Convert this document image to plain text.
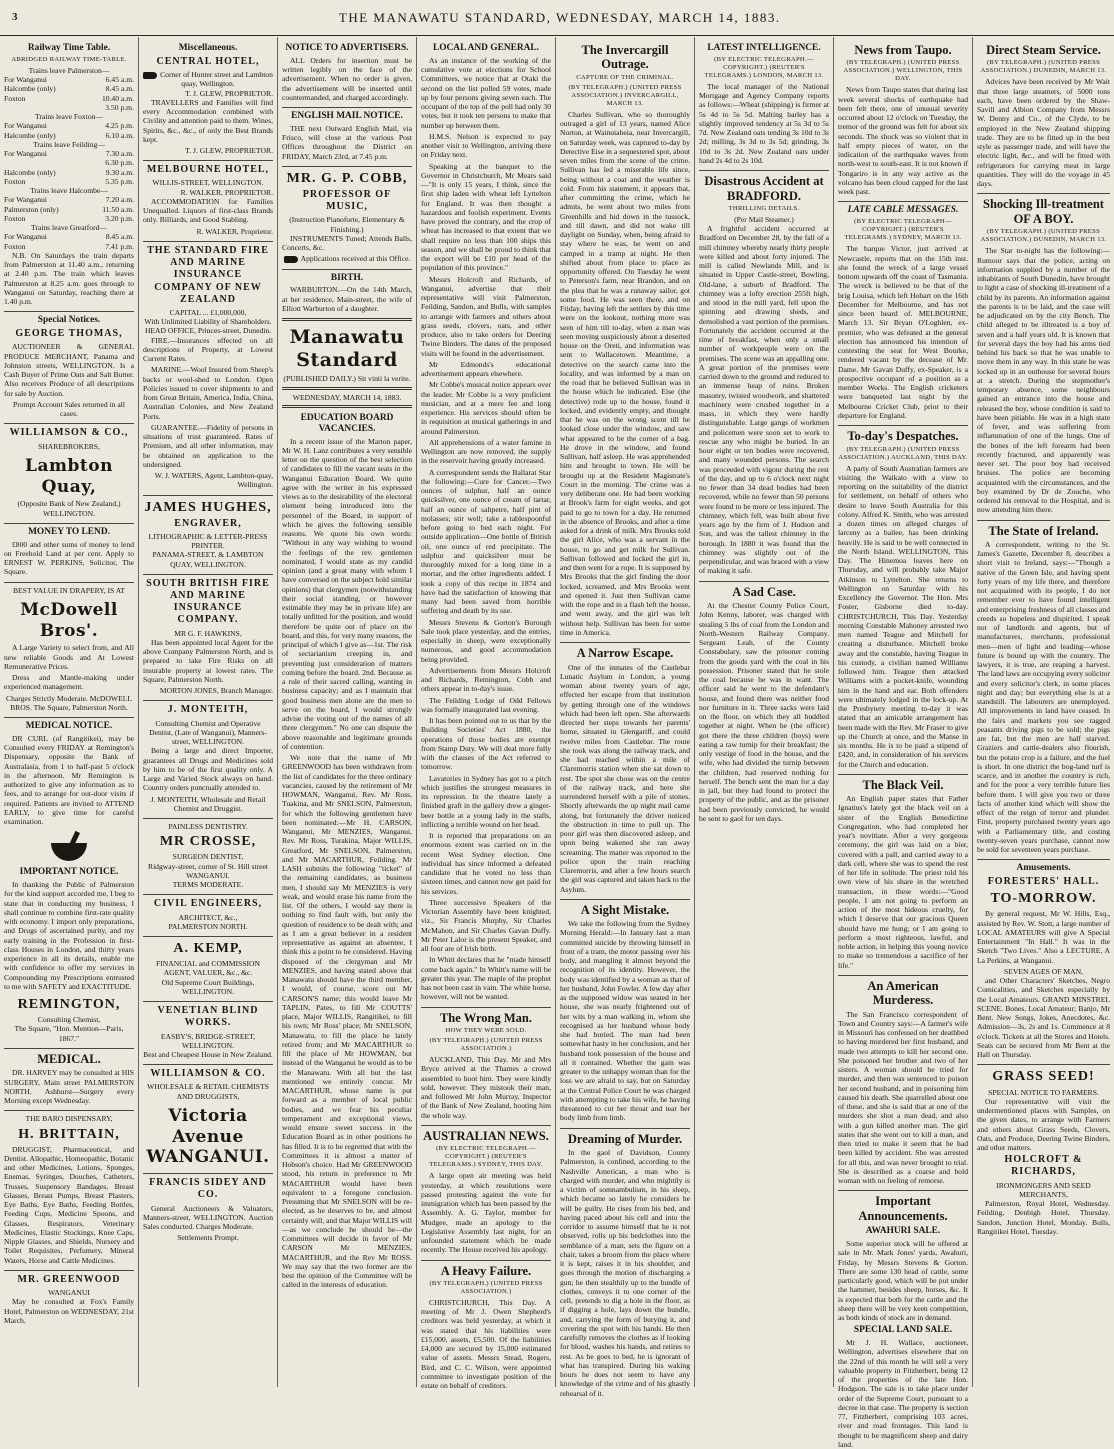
3	THE MANAWATU STANDARD, WEDNESDAY, MARCH 14, 1883.
Railway Time Table.
ABRIDGED RAILWAY TIME-TABLE.
Trains leave Palmerston—
For Wanganui	6.45 a.m.
Halcombe (only)	8.45 a.m.
Foxton	10.40 a.m.
3.50 p.m.
Trains leave Foxton—
For Wanganui	4.25 p.m.
Halcombe (only)	6.10 a.m.
Trains leave Feilding—
For Wanganui	7.30 a.m.
6.30 p.m.
Halcombe (only)	9.30 a.m.
Foxton	5.35 p.m.
Trains leave Halcombe—
For Wanganui	7.20 a.m.
Palmerston (only)	11.50 a.m.
Foxton	3.20 p.m.
Trains leave Greatford—
For Wanganui	8.45 a.m.
Foxton	7.41 p.m.

N.B. On Saturdays the train departs from Palmerston at 11.40 a.m., returning at 2.40 p.m. The train which leaves Palmerston at 8.25 a.m. goes through to Wanganui on Saturday, reaching there at 1.40 p.m.

Special Notices.
GEORGE THOMAS,

AUCTIONEER & GENERAL PRODUCE MERCHANT, Panama and Johnston streets, WELLINGTON. Is a Cash Buyer of Prime Oats and Salt Butter. Also receives Produce of all descriptions for sale by Auction.

Prompt Account Sales returned in all cases.
WILLIAMSON & CO.,
SHAREBROKERS,
Lambton Quay,
(Opposite Bank of New Zealand,) WELLINGTON.
MONEY TO LEND.

£800 and other sums of money to lend on Freehold Land at per cent. Apply to ERNEST W. PERKINS, Solicitor, The Square.

BEST VALUE IN DRAPERY, IS AT
McDowell Bros'.

A Large Variety to select from, and All new reliable Goods and At Lowest Remunerative Prices.

Dress and Mantle-making under experienced management.

Charges Strictly Moderate. McDOWELL BROS. The Square, Palmerston North.
MEDICAL NOTICE.

DR CURL (of Rangitikei), may be Consulted every FRIDAY at Remington's Dispensary, opposite the Bank of Australasia, from 1 to half-past 5 o'clock in the afternoon. Mr Remington is authorized to give any information as to fees, and to arrange for out-door visits if required. Patients are invited to ATTEND EARLY, to give time for careful examination.

IMPORTANT NOTICE.

In thanking the Public of Palmerston for the kind support accorded me, I beg to state that in conducting my business, I shall continue to combine first-rate quality with economy. I import only preparations, and Drugs of ascertained purity, and my early training in the Profession in first-class Houses in London, and thirty years experience in all its details, enable me with confidence to offer my services in Compounding my Prescriptions entrusted to me with SAFETY and EXACTITUDE.

REMINGTON,
Consulting Chemist,
The Square, "Hon. Mention—Paris, 1867."
MEDICAL.

DR. HARVEY may be consulted at HIS SURGERY, Main street PALMERSTON NORTH. Ashhurst—Surgery every Morning except Wednesday.

THE BARO DISPENSARY,
H. BRITTAIN,

DRUGGIST, Pharmaceutical, and Dentist. Allopathic, Homeopathic, Botanic and other Medicines, Lotions, Sponges, Enemas, Syringes, Douches, Catheters, Trusses, Suspensory Bandages, Breast Glasses, Breast Pumps, Breast Plasters, Eye Baths, Eye Baths, Feeding Bottles, Feeding Cups, Medicine Spoons, and Glasses, Respirators, Veterinary Medicines, Elastic Stockings, Knee Caps, Nipple Glasses, and Shields, Nursery and Toilet Requisites, Perfumery, Mineral Waters, Horse and Cattle Medicines.

MR. GREENWOOD
WANGANUI

May be consulted at Fox's Family Hotel, Palmerston on WEDNESDAY, 21st March.

Miscellaneous.
CENTRAL HOTEL,
Corner of Hunter street and Lambton quay, Wellington.
T. J. GLEW, PROPRIETOR.

TRAVELLERS and Families will find every Accommodation combined with Civility and attention paid to them. Wines, Spirits, &c., &c., of only the Best Brands kept.

T. J. GLEW, PROPRIETOR.
MELBOURNE HOTEL,
WILLIS-STREET, WELLINGTON.
R. WALKER, PROPRIETOR.

ACCOMMODATION for Families Unequalled. Liquors of first-class Brands only. Billiards, and Good Stabling.

R. WALKER, Proprietor.
THE STANDARD FIRE AND MARINE INSURANCE COMPANY OF NEW ZEALAND
CAPITAL ... £1,000,000,
With Unlimited Liability of Shareholders.
HEAD OFFICE, Princes-street, Dunedin.

FIRE.—Insurances effected on all descriptions of Property, at Lowest Current Rates.

MARINE.—Wool Insured from Sheep's backs or wool-shed to London. Open Policies issued to cover shipments to and from Great Britain, America, India, China, Australian Colonies, and New Zealand Ports.

GUARANTEE.—Fidelity of persons in situations of trust guaranteed. Rates of Premium, and all other information, may be obtained on application to the undersigned.

W. J. WATERS, Agent, Lambton-quay, Wellington.
JAMES HUGHES,
ENGRAVER,
LITHOGRAPHIC & LETTER-PRESS PRINTER.
PANAMA-STREET, & LAMBTON QUAY, WELLINGTON.
SOUTH BRITISH FIRE AND MARINE INSURANCE COMPANY.
MR G. F. HAWKINS,

Has been appointed local Agent for the above Company Palmerston North, and is prepared to take Fire Risks on all insurable property at lowest rates. The Square, Palmerston North.

MORTON JONES, Branch Manager.
J. MONTEITH,
Consulting Chemist and Operative Dentist, (Late of Wanganui), Manners-street, WELLINGTON.

Being a large and direct Importer, guarantees all Drugs and Medicines sold by him to be of the first quality only. A Large and Varied Stock always on hand. Country orders punctually attended to.

J. MONTEITH, Wholesale and Retail Chemist and Druggist.
PAINLESS DENTISTRY.
MR CROSSE,
SURGEON DENTIST,
Ridgway-street, corner of St. Hill street WANGANUI.
TERMS MODERATE.
CIVIL ENGINEERS,
ARCHITECT, &c.,
PALMERSTON NORTH.
A. KEMP,
FINANCIAL and COMMISSION AGENT, VALUER, &c., &c.
Old Supreme Court Buildings, WELLINGTON.
VENETIAN BLIND WORKS.
EASBY'S, BRIDGE-STREET, WELLINGTON.
Best and Cheapest House in New Zealand.
WILLIAMSON & CO.
WHOLESALE & RETAIL CHEMISTS AND DRUGGISTS,
Victoria Avenue WANGANUI.
FRANCIS SIDEY AND CO.

General Auctioneers & Valuators, Manners-street, WELLINGTON. Auction Sales conducted. Charges Moderate.

Settlements Prompt.
NOTICE TO ADVERTISERS.

ALL Orders for insertion must be written legibly on the face of the advertisement. When no order is given, the advertisement will be inserted until countermanded, and charged accordingly.

ENGLISH MAIL NOTICE.

THE next Outward English Mail, via Frisco, will close at the various Post Offices throughout the District on FRIDAY, March 23rd, at 7.45 p.m.

MR. G. P. COBB,
PROFESSOR OF MUSIC,
(Instruction Pianoforte, Elementary & Finishing.)

INSTRUMENTS Tuned; Attends Balls, Concerts, &c.

Applications received at this Office.
BIRTH.

WARBURTON.—On the 14th March, at her residence, Main-street, the wife of Elliott Warburton of a daughter.

Manawatu Standard
(PUBLISHED DAILY.) Sit vinti la verite.
WEDNESDAY, MARCH 14, 1883.
EDUCATION BOARD VACANCIES.

In a recent issue of the Marton paper, Mr W. H. Lanz contributes a very sensible letter on the question of the best selection of candidates to fill the vacant seats in the Wanganui Education Board. We quite agree with the writer in his expressed views as to the desirability of the electoral element being introduced into the personnel of the Board, in support of which he gives the following sensible reasons. We quote his own words: "Without in any way wishing to wound the feelings of the rev. gentlemen nominated, I would state as my candid opinion (and a great many with whom I have conversed on the subject hold similar opinions) that clergymen (notwithstanding their social standing, or however estimable they may be in private life) are totally unfitted for the position, and would therefore be quite out of place on the board, and this, for very many reasons, the principal of which I give as—1st. The risk of sectarianism creeping in, and preventing just consideration of matters coming before the board. 2nd. Because as a rule of their sacred calling, wanting in business capacity; and as I maintain that good business men alone are the men to serve on the board, I would strongly advise the voting out of the names of all three clergymen." No one can dispute the above reasonable and legitimate grounds of contention.

We note that the name of Mr GREENWOOD has been withdrawn from the list of candidates for the three ordinary vacancies, caused by the retirement of Mr HOWMAN, Wanganui, Rev. Mr Ross, Tuakina, and Mr SNELSON, Palmerston, for which the following gentlemen have been nominated:—Mr H. CARSON, Wanganui, Mr MENZIES, Wanganui, Rev. Mr Ross, Turakina, Major WILLIS, Greatford, Mr SNELSON, Palmerston, and Mr MACARTHUR, Feilding. Mr LASH submits the following "ticket" of the remaining candidates, as business men, I should say Mr MENZIES is very weak, and would erase his name from the list. Of the others, I would say there is nothing to find fault with, but only the question of residence to be dealt with; and as I am a great believer in a resident representative as against an absentee, I think this a point to be considered. Having disposed of the clergyman and Mr MENZIES, and having stated above that Manawatu should have the third member, I would, of course, score out Mr CARSON'S name; this would leave Mr TAPLIN, Pates, to fill Mr COUTTS' place, Major WILLIS, Rangitikei, to fill his own; Mr Ross' place; Mr SNELSON, Manawatu, to fill the place he lately retired from; and Mr MACARTHUR to fill the place of Mr HOWMAN, but instead of the Wanganui he would as to be the Manawatu. With all but the last mentioned we entirely concur. Mr MACARTHUR, whose name is put forward as a member of local public bodies, and we fear his peculiar temperament and exceptional views, would ensure sweet success in the Education Board as in other positions he has filled. It is to be regretted that with the Committees it is almost a matter of Hobson's choice. Had Mr GREENWOOD stood, his return in preference to Mr MACARTHUR would have been equivalent to a foregone conclusion. Presuming that Mr SNELSON will be re-elected, as he deserves to be, and almost certainly will, and that Major WILLIS will—as we conclude he should be—the Committees will decide in favor of Mr CARSON Mr MENZIES, MACARTHUR, and the Rev Mr ROSS. We may say that the two former are the best the opinion of the Committee will be called in the interests of education.

LOCAL AND GENERAL.

As an instance of the working of the cumulative vote at elections for School Committees, we notice that at Otaki the second on the list polled 59 votes, made up by four persons giving seven each. The occupant of the top of the poll had only 30 votes, but it took ten persons to make that number up between them.

H.M.S. Nelson is expected to pay another visit to Wellington, arriving there on Friday next.

Speaking at the banquet to the Governor in Christchurch, Mr Mears said—"It is only 15 years, I think, since the first ship laden with wheat left Lyttelton for England. It was then thought a hazardous and foolish experiment. Events have proved the contrary, and the crop of wheat has increased to that extent that we shall require no less than 100 ships this season, and we shall be proud to think that the export will be £10 per head of the population of this province."

Messrs Holcroft and Richards, of Wanganui, advertise that their representative will visit Palmerston, Feilding, Sandon, and Bulls, with samples to arrange with farmers and others about grass seeds, clovers, oats, and other produce, also to take orders for Deering Twine Binders. The dates of the proposed visits will be found in the advertisement.

Mr Edmonds's educational advertisement appears elsewhere.

Mr Cobbe's musical notice appears over the leader. Mr Cobbe is a very proficient musician, and at a mere fee and long experience. His services should often be in requisition at musical gatherings in and around Palmerston.

All apprehensions of a water famine in Wellington are now removed, the supply in the reservoir having greatly increased.

A correspondent sends the Ballarat Star the following:—Cure for Cancer.—Two ounces of sulphur, half an ounce quicksilver, one ounce of cream of tartar, half an ounce of saltpetre, half pint of molasses; stir well; take a tablespoonful before going to bed each night. For outside application—One bottle of British oil, one ounce of red precipitate. The sulphur and quicksilver must be thoroughly mixed for a long time in a mortar, and the other ingredients added. I took a copy of this recipe in 1874 and have had the satisfaction of knowing that many had been saved from horrible suffering and death by its use.

Messrs Stevens & Gorton's Borough Sale took place yesterday, and the entries, especially in sheep, were exceptionally numerous, and good accommodation being provided.

Advertisements from Messrs Holcroft and Richards, Remington, Cobb and others appear in to-day's issue.

The Feilding Lodge of Odd Fellows was formally inaugurated last evening.

It has been pointed out to us that by the Building Societies' Act 1880, the operations of those bodies are exempt from Stamp Duty. We will deal more fully with the clauses of the Act referred to tomorrow.

Lavatories in Sydney has got to a pitch which justifies the strongest measures in its repression. In the theatre lately a finished graft in the gallery drew a ginger-beer bottle at a young lady in the stalls, inflicting a terrible wound on her head.

It is reported that preparations on an enormous extent was carried on in the recent West Sydney election. One individual has since informed a defeated candidate that he voted no less than sixteen times, and cannot now get paid for his services.

Three successive Speakers of the Victorian Assembly have been knighted, viz., Sir Francis Murphy, Sir Charles McMahon, and Sir Charles Gavan Duffy. Mr Peter Lalor is the present Speaker, and all four are of Irish birth.

In Whitt declares that he "made himself come back again." In Whitt's name will be greater this year. The maple of the prophet has not been cast in vain. The white horse, however, will not be wanted.

The Wrong Man.
HOW THEY WERE SOLD.
(BY TELEGRAPH.) (UNITED PRESS ASSOCIATION.)

AUCKLAND, This Day. Mr and Mrs Bryce arrived at the Thames a crowd assembled to hoot him. They were kindly sold, however. They mistook their man, and followed Mr John Murray, Inspector of the Bank of New Zealand, hooting him the whole way.

AUSTRALIAN NEWS.
(BY ELECTRIC TELEGRAPH.—COPYRIGHT.) (REUTER'S TELEGRAMS.) SYDNEY, THIS DAY.

A large open air meeting was held yesterday, at which resolutions were passed protesting against the vote for immigration which has been passed by the Assembly. A. G. Taylor, member for Mudgee, made an apology to the Legislative Assembly last night, for an unfounded statement which he made recently. The House received his apology.

A Heavy Failure.
(BY TELEGRAPH.) (UNITED PRESS ASSOCIATION.)

CHRISTCHURCH, This Day. A meeting of Mr J. Owen Shepherd's creditors was held yesterday, at which it was stated that his liabilities were £15,000, assets, £5,500. Of the liabilities £4,000 are secured by 15,000 estimated value of assets. Messrs Stead, Rogers, Bird, and C. C. Wilson, were appointed committee to investigate position of the estate on behalf of creditors.

The Invercargill Outrage.
CAPTURE OF THE CRIMINAL.
(BY TELEGRAPH.) (UNITED PRESS ASSOCIATION.) INVERCARGILL, MARCH 13.

Charles Sullivan, who so thoroughly outraged a girl of 13 years, named Alice Norton, at Wainuiaheia, near Invercargill, on Saturday week, was captured to-day by Detective Eise in a sequestered spot, about seven miles from the scene of the crime. Sullivan has led a miserable life since, being without a coat and the weather is cold. From his statement, it appears that, after committing the crime, which he admits, he went about two miles from Greenhills and hid down in the tussock, and till dawn, and did not wake till daylight on Sunday, when, being afraid to stay where he was, he went on and camped in a tramp at night. He then shifted about from place to place as opportunity offered. On Tuesday he went to Peterson's farm, near Brandon, and on the plea that he was a runaway sailor, got some food. He was seen there, and on Friday, having left the settlers by this time were on the lookout, nothing more was seen of him till to-day, when a man was seen moving suspiciously about a deserted house on the Oreti, and information was sent to Wallacetown. Meantime, a detective on the search came into the locality, and was informed by a man on the road that he believed Sullivan was in the house which he indicated. Eise (the detective) rode up to the house, found it locked, and evidently empty, and thought that he was on the wrong scent till he looked close under the window, and saw what appeared to be the corner of a bag. He drove in the window, and found Sullivan, half asleep. He was apprehended him and brought to town. He will be brought up at the Resident Magistrate's Court in the morning. The crime was a very deliberate one. He had been working at Brook's farm for eight weeks, and got paid to go to town for a day. He returned in the absence of Brooks, and after a time asked for a drink of milk. Mrs Brooks told the girl Alice, who was a servant in the house, to go and get milk for Sullivan. Sullivan followed and locked the girl in, and then went for a rope. It is supposed by Mrs Brooks that the girl finding the door locked, screamed, and Mrs Brooks went and opened it. Just then Sullivan came with the rope and in a flash left the house, and went away, and the girl was left without help. Sullivan has been for some time in America.

A Narrow Escape.

One of the inmates of the Castlebar Lunatic Asylum in London, a young woman about twenty years of age, effected her escape from that institution by getting through one of the windows which had been left open. She afterwards directed her steps towards her parents' home, situated in Glengariff, and could twelve miles from Castlebar. The route she took was along the railway track, and she had reached within a mile of Claremorris station when she sat down to rest. The spot she chose was on the centre of the railway track, and here she surrendered herself with a pile of stones. Shortly afterwards the up night mail came along, but fortunately the driver noticed the obstruction in time to pull up. The poor girl was then discovered asleep, and upon being wakened she ran away screaming. The matter was reported to the police upon the train reaching Claremorris, and after a few hours search the girl was captured and taken back to the Asylum.

A Sight Mistake.

We take the following from the Sydney Morning Herald:—In January last a man committed suicide by throwing himself in front of a tram, the motor passing over his body, and mangling it almost beyond the recognition of its identity. However, the body was identified by a woman as that of her husband, John Fowler. A few day after as the supposed widow was seated in her house, she was nearly frightened out of her wits by a man walking in, whom she recognised as her husband whose body she had buried. The man had been somewhat hasty in her conclusion, and her husband took possession of the house and all it contained. Whether the gain was greater to the unhappy woman than for the loss we are afraid to say, but on Saturday at the Central Police Court he was charged with attempting to take his wife, he having threatened to cut her throat and tear her body limb from limb.

Dreaming of Murder.

In the gaol of Davidson, County Palmerston, is confined, according to the Nashville American, a man who is charged with murder, and who mightily is a victim of somnambulism, in his sleep, which became so lately he considers he will be guilty. He rises from his bed, and having paced about his cell and into the corridor to assume himself that he is not observed, rolls up his bedclothes into the semblance of a man, sets the figure on a chair, takes a broom from the place where it is kept, raises it in his shoulder, and goes through the motion of discharging a gun; he then stealthily up to the bundle of clothes, conveys it to one corner of the cell, pretends to dig a hole in the floor, as if digging a hole, lays down the bundle, and, carrying the form of burying it, and covering the spot with his hands. He then carefully removes the clothes as if looking for blood, washes his hands, and retires to rest. As he goes to bed, he is ignorant of what has transpired. During his waking hours he does not seem to have any knowledge of the crime and of his ghastly rehearsal of it.

LATEST INTELLIGENCE.
(BY ELECTRIC TELEGRAPH.—COPYRIGHT.) (REUTER'S TELEGRAMS.) LONDON, MARCH 13.

The local manager of the National Mortgage and Agency Company reports as follows:—Wheat (shipping) is firmer at 5s 4d to 5s 5d. Malting barley has a slightly improved tendency at 5s 3d to 5s 7d. New Zealand oats tending 3s 10d to 3s 2d; milling, 3s 3d to 3s 5d; grinding, 3s 10d to 3s 2d. New Zealand oats under hand 2s 4d to 2s 10d.

Disastrous Accident at BRADFORD.
THRILLING DETAILS.
(Per Mail Steamer.)

A frightful accident occurred at Bradford on December 28, by the fall of a mill chimney whereby nearly thirty people were killed and about forty injured. The mill is called Newlands Mill, and is situated in Upper Castle-street, Bowling, Old-lane, a suburb of Bradford. The chimney was a lofty erection 255ft high, and stood in the mill yard, fell upon the spinning and drawing sheds, and demolished a vast portion of the premises. Fortunately the accident occurred at the time of breakfast, when only a small number of workpeople were on the premises. The scene was an appalling one. A great portion of the premises were carried down to the ground and reduced to an immense heap of ruins. Broken masonry, twisted woodwork, and shattered machinery were crushed together in a mass, in which they were hardly distinguishable. Large gangs of workmen and policemen were soon set to work to rescue any who might be buried. In an hour eight or ten bodies were recovered, and many wounded persons. The search was proceeded with vigour during the rest of the day, and up to 6 o'clock next night no fewer than 34 dead bodies had been recovered, while no fewer than 50 persons were found to be more or less injured. The chimney, which fell, was built about five years ago by the firm of J. Hudson and Son, and was the tallest chimney in the borough. In 1880 it was found that the chimney was slightly out of the perpendicular, and was braced with a view of making it safe.

A Sad Case.

At the Chester County Police Court, John Kenny, laborer, was charged with stealing 5 lbs of coal from the London and North-Western Railway Company. Sergeant Leah, of the County Constabulary, saw the prisoner coming from the goods yard with the coal in his possession. Prisoner stated that he stole the coal because he was in want. The officer said he went to the defendant's house, and found there was neither food nor furniture in it. Three sacks were laid on the floor, on which they all huddled together at night. When he (the officer) got there the three children (boys) were eating a raw turnip for their breakfast; the only vestige of food in the house, and the wife, who had divided the turnip between the children, had reserved nothing for herself. The bench sent the man for a day in jail, but they had found to protect the property of the public, and as the prisoner had been previously convicted, he would be sent to gaol for ten days.

News from Taupo.
(BY TELEGRAPH.) (UNITED PRESS ASSOCIATION.) WELLINGTON, THIS DAY.

News from Taupo states that during last week several shocks of earthquake had been felt there, one of unusual severity occurred about 12 o'clock on Tuesday, the tremor of the ground was felt for about six seconds. The shock was so violent that in half empty pieces of water, on the indication of the earthquake waves from north-west to south-east. It is not known if Tongariro is in any way active as the volcano has been cloud capped for the last week past.

LATE CABLE MESSAGES.
(BY ELECTRIC TELEGRAPH—COPYRIGHT.) (REUTER'S TELEGRAMS.) SYDNEY, MARCH 13.

The barque Victor, just arrived at Newcastle, reports that on the 15th inst. she found the wreck of a large vessel bottom upwards off the coast of Tasmania. The wreck is believed to be that of the brig Louisa, which left Hobart on the 16th December for Melbourne, and has not since been heard of. MELBOURNE, March 13. Sir Bryan O'Loghlen, ex-premier, who was defeated at the general election has announced his intention of contesting the seat for West Bourke, rendered vacant by the decease of Mr. Dame. Mr Gavan Duffy, ex-Speaker, is a prospective occupant of a position as a member Works. The English cricketers were banqueted last night by the Melbourne Cricket Club, prior to their departure for England.

To-day's Despatches.
(BY TELEGRAPH.) (UNITED PRESS ASSOCIATION.) AUCKLAND, THIS DAY.

A party of South Australian farmers are visiting the Waikato with a view to reporting on the suitability of the district for settlement, on behalf of others who desire to leave South Australia for this colony. Alfred K. Smith, who was arrested a dozen times on alleged charges of larceny as a bailee, has been drinking heavily. He is said to be well connected in the North Island. WELLINGTON, This Day. The Hinemoa leaves here on Thursday, and will probably take Major Atkinson to Lyttelton. She returns to Wellington on Saturday with his Excellency the Governor. The Hon. Mrs Foster, Gisborne died to-day. CHRISTCHURCH, This Day. Yesterday morning Constable Mahoney arrested two men named Teague and Mitchell for creating a disturbance. Mitchell broke away and the constable, having Teague in his custody, a civilian named Williams followed him. Teague then attacked Williams with a pocket-knife, wounding him in the hand and ear. Both offenders were ultimately lodged in the lock-up. At the Presbytery meeting to-day it was stated that an amicable arrangement has been made with the Rev. Mr Fraser to give up the Church at once, and the Manse in six months. He is to be paid a stipend of £420, and, in consideration of his services for the Church and education.

The Black Veil.

An English paper states that Father Ignatius's lately got the black veil on a sister of the English Benedictine Congregation, who had completed her year's novitiate. After a very gorgeous ceremony, the girl was laid on a bier, covered with a pall, and carried away to a dark cell, where she was to spend the rest of her life in solitude. The priest told his own view of his share in the wretched transaction, in these words:—"Good people, I am not going to perform an action of the most hideous cruelty, for which I deserve that our gracious Queen should have me hung; or I am going to perform a most righteous, lawful, and noble action, in helping this young novice to make so tremendous a sacrifice of her life."

An American Murderess.

The San Francisco correspondent of Town and Country says:—A farmer's wife in Missouri has confessed on her deathbed to having murdered her first husband, and made two attempts to kill her second one. She poisoned her brother and two of her sisters. A woman should be tried for murder, and then was sentenced to poison her second husband, and in poisoning him caused his death. She quarrelled about one of these, and she is said that at one of the murders she shot a man dead, and also with a gun killed another man. The girl states that she went out to kill a man, and then tried to make it seem that he had been killed by accident. She was arrested for all this, and was never brought to trial. She is described as a coarse and bold woman with no feeling of remorse.

Important Announcements.
AWAHURI SALE.

Some superior stock will be offered at sale in Mr. Mark Jones' yards, Awahuri, Friday, by Messrs Stevens & Gorton. There are some 130 head of cattle, some particularly good, which will be put under the hammer, besides sheep, horses, &c. It is expected that both for the cattle and the sheep there will be very keen competition, as both kinds of stock are in demand.

SPECIAL LAND SALE.

Mr J. H. Wallace, auctioneer, Wellington, advertises elsewhere that on the 22nd of this month he will sell a very valuable property in Fitzherbert, being 12 of the properties of the late Hon. Hodgson. The sale is to take place under order of the Supreme Court, pursuant to a decree in that case. The property is section 77, Fitzherbert, comprising 103 acres, river and road frontages. This land is thought to be magnificent sheep and dairy land.

Direct Steam Service.
(BY TELEGRAPH.) (UNITED PRESS ASSOCIATION.) DUNEDIN, MARCH 13.

Advices have been received by Mr Wait that three large steamers, of 5000 tons each, have been ordered by the Shaw-Savill and Albion Company from Messrs W. Denny and Co., of the Clyde, to be employed in the New Zealand shipping trade. They are to be fitted up in the best style as passenger trade, and will have the electric light, &c., and will be fitted with refrigerators for carrying meat in large quantities. They will do the voyage in 45 days.

Shocking Ill-treatment OF A BOY.
(BY TELEGRAPH.) (UNITED PRESS ASSOCIATION.) DUNEDIN, MARCH 13.

The Star to-night has the following:—Rumour says that the police, acting on information supplied by a number of the inhabitants of South Dunedin, have brought to light a case of shocking ill-treatment of a child by its parents. An information against the parents is to be laid, and the case will be adjudicated on by the city Bench. The child alleged to be illtreated is a boy of seven and a half years old. It is known that for several days the boy had his arms tied behind his back so that he was unable to move them in any way. In this state he was locked up in an outhouse for several hours at a stretch. During the stepmother's temporary absence, some neighbours gained an entrance into the house and released the boy, whose condition is said to have been pitiable. He was in a high state of fever, and was suffering from inflammation of one of the lungs. One of the bones of the left forearm had been recently fractured, and apparently was never set. The poor boy had received bruises. The police are becoming acquainted with the circumstances, and the boy examined by Dr de Zouche, who ordered his removal to the Hospital, and is now attending him there.

The State of Ireland.

A correspondent, writing to the St. James's Gazette, December 8, describes a short visit to Ireland, says:—"Though a native of the Green Isle, and having spent forty years of my life there, and therefore not acquainted with its people, I do not remember ever to have found intelligent and enterprising freshness of all classes and creeds so hopeless and dispirited. I speak not of landlords and agents, but of manufacturers, merchants, professional men—men of light and leading—whose future is bound up with the country. The lawyers, it is true, are reaping a harvest. The land laws are occupying every solicitor and every solicitor's clerk, in some places night and day; but everything else is at a standstill. The labourers are unemployed. All improvements in land have ceased. In the fairs and markets you see ragged peasants driving pigs to be sold; the pigs are fat, but the men are half starved. Graziers and cattle-dealers also flourish, but the potato crop is a failure, and the fuel is short. In one district the bog-land turf is scarce, and in another the country is rich, and for the poor a very terrible future lies before them. I will give you two or three facts of another kind which will show the effect of the reign of terror and plunder. First, property purchased twenty years ago with a Parliamentary title, and costing twenty-seven years purchase, cannot now be sold for seventeen years purchase.

Amusements.
FORESTERS' HALL.
TO-MORROW.

By general request, Mr W. Hills, Esq., assisted by Rev. W. Stott, a large number of LOCAL AMATEURS will give A Special Entertainment "In Hall." It was in the Sketch "Two Lives." Also a LECTURE, A La Perkins, at Wanganui.

SEVEN AGES OF MAN,

and Other Characters' Sketches, Negro Comicalities, and Sketches especially by the Local Amateurs. GRAND MINSTREL SCENE. Bones, Local Amateur; Banjo, Mr Bent. New Songs, Jokes, Anecdotes, &c. Admission—3s, 2s and 1s. Commence at 8 o'clock. Tickets at all the Stores and Hotels. Seats can be secured from Mr Bent at the Hall on Thursday.

GRASS SEED!
SPECIAL NOTICE TO FARMERS.

Our representative will visit the undermentioned places with Samples, on the given dates, to arrange with Farmers and others about Grass Seeds, Clovers, Oats, and Produce, Deering Twine Binders, and other matters.

HOLCROFT & RICHARDS,
IRONMONGERS AND SEED MERCHANTS,

Palmerston, Royal Hotel, Wednesday. Feilding, Denbigh Hotel, Thursday. Sandon, Junction Hotel, Monday. Bulls, Rangitikei Hotel, Tuesday.
